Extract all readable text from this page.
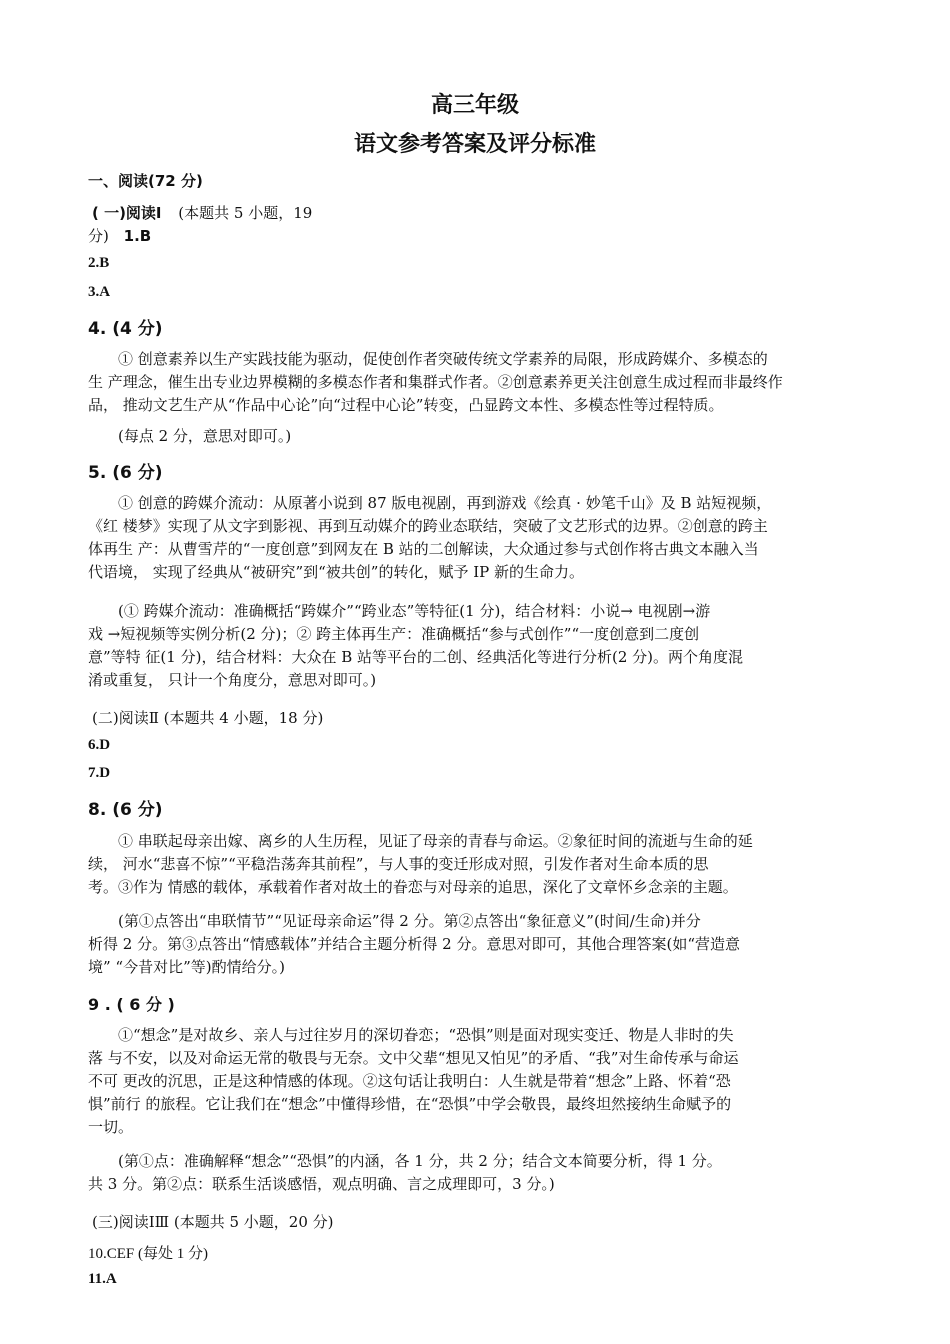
高三年级
语文参考答案及评分标准
一、阅读(72 分)
( 一)阅读Ⅰ (本题共 5 小题，19
分) 1.B
2.B
3.A
4. (4 分)
① 创意素养以生产实践技能为驱动，促使创作者突破传统文学素养的局限，形成跨媒介、多模态的
生 产理念，催生出专业边界模糊的多模态作者和集群式作者。②创意素养更关注创意生成过程而非最终作
品， 推动文艺生产从“作品中心论”向“过程中心论”转变，凸显跨文本性、多模态性等过程特质。
(每点 2 分，意思对即可。)
5. (6 分)
① 创意的跨媒介流动：从原著小说到 87 版电视剧，再到游戏《绘真 · 妙笔千山》及 B 站短视频，
《红 楼梦》实现了从文字到影视、再到互动媒介的跨业态联结，突破了文艺形式的边界。②创意的跨主
体再生 产：从曹雪芹的“一度创意”到网友在 B 站的二创解读，大众通过参与式创作将古典文本融入当
代语境， 实现了经典从“被研究”到“被共创”的转化，赋予 IP 新的生命力。
(① 跨媒介流动：准确概括“跨媒介”“跨业态”等特征(1 分)，结合材料：小说→ 电视剧→游
戏 →短视频等实例分析(2 分)；② 跨主体再生产：准确概括“参与式创作”“一度创意到二度创
意”等特 征(1 分)，结合材料：大众在 B 站等平台的二创、经典活化等进行分析(2 分)。两个角度混
淆或重复， 只计一个角度分，意思对即可。)
(二)阅读Ⅱ (本题共 4 小题，18 分)
6.D
7.D
8. (6 分)
① 串联起母亲出嫁、离乡的人生历程，见证了母亲的青春与命运。②象征时间的流逝与生命的延
续， 河水“悲喜不惊”“平稳浩荡奔其前程”，与人事的变迁形成对照，引发作者对生命本质的思
考。③作为 情感的载体，承载着作者对故土的眷恋与对母亲的追思，深化了文章怀乡念亲的主题。
(第①点答出“串联情节”“见证母亲命运”得 2 分。第②点答出“象征意义”(时间/生命)并分
析得 2 分。第③点答出“情感载体”并结合主题分析得 2 分。意思对即可，其他合理答案(如“营造意
境” “今昔对比”等)酌情给分。)
9 . ( 6 分 )
①“想念”是对故乡、亲人与过往岁月的深切眷恋；“恐惧”则是面对现实变迁、物是人非时的失
落 与不安，以及对命运无常的敬畏与无奈。文中父辈“想见又怕见”的矛盾、“我”对生命传承与命运
不可 更改的沉思，正是这种情感的体现。②这句话让我明白：人生就是带着“想念”上路、怀着“恐
惧”前行 的旅程。它让我们在“想念”中懂得珍惜，在“恐惧”中学会敬畏，最终坦然接纳生命赋予的
一切。
(第①点：准确解释“想念”“恐惧”的内涵，各 1 分，共 2 分；结合文本简要分析，得 1 分。
共 3 分。第②点：联系生活谈感悟，观点明确、言之成理即可，3 分。)
(三)阅读ⅠⅢ (本题共 5 小题，20 分)
10.CEF (每处 1 分)
11.A
